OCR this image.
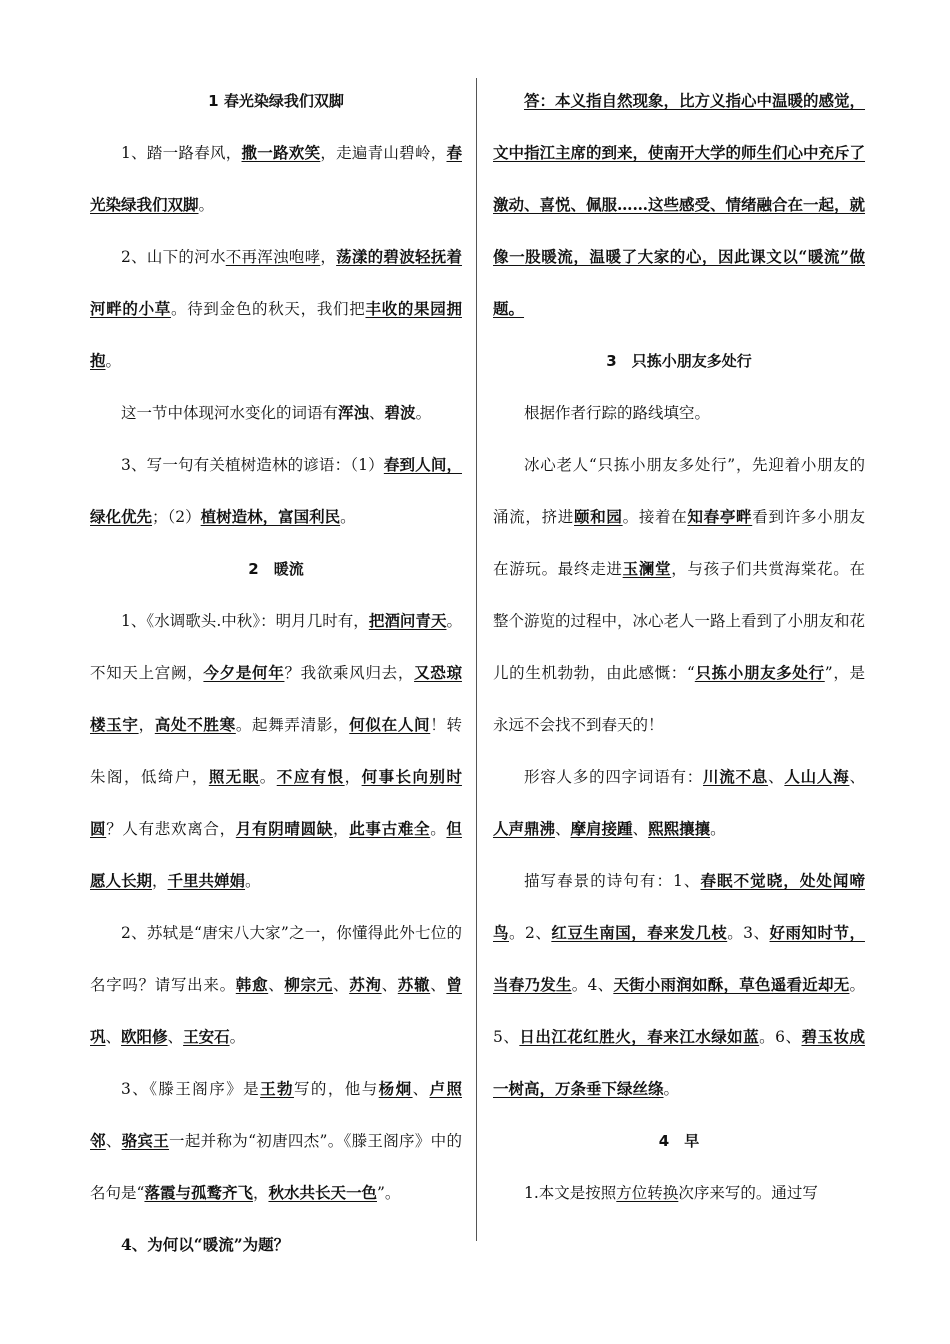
1 春光染绿我们双脚

1、踏一路春风，撒一路欢笑，走遍青山碧岭，春光染绿我们双脚。

2、山下的河水不再浑浊咆哮，荡漾的碧波轻抚着河畔的小草。待到金色的秋天，我们把丰收的果园拥抱。

这一节中体现河水变化的词语有浑浊、碧波。

3、写一句有关植树造林的谚语：（1）春到人间，绿化优先；（2）植树造林，富国利民。

2　暖流

1、《水调歌头.中秋》：明月几时有，把酒问青天。不知天上宫阙，今夕是何年？我欲乘风归去，又恐琼楼玉宇，高处不胜寒。起舞弄清影，何似在人间！转朱阁，低绮户，照无眠。不应有恨，何事长向别时圆？人有悲欢离合，月有阴晴圆缺，此事古难全。但愿人长期，千里共婵娟。

2、苏轼是“唐宋八大家”之一，你懂得此外七位的名字吗？请写出来。韩愈、柳宗元、苏洵、苏辙、曾巩、欧阳修、王安石。

3、《滕王阁序》是王勃写的，他与杨炯、卢照邻、骆宾王一起并称为“初唐四杰”。《滕王阁序》中的名句是“落霞与孤鹜齐飞，秋水共长天一色”。

4、为何以“暖流”为题？

答：本义指自然现象，比方义指心中温暖的感觉，文中指江主席的到来，使南开大学的师生们心中充斥了激动、喜悦、佩服……这些感受、情绪融合在一起，就像一股暖流，温暖了大家的心，因此课文以“暖流”做题。

3　只拣小朋友多处行

根据作者行踪的路线填空。

冰心老人“只拣小朋友多处行”，先迎着小朋友的涌流，挤进颐和园。接着在知春亭畔看到许多小朋友在游玩。最终走进玉澜堂，与孩子们共赏海棠花。在整个游览的过程中，冰心老人一路上看到了小朋友和花儿的生机勃勃，由此感慨：“只拣小朋友多处行”，是永远不会找不到春天的！

形容人多的四字词语有：川流不息、人山人海、人声鼎沸、摩肩接踵、熙熙攘攘。

描写春景的诗句有：1、春眠不觉晓，处处闻啼鸟。2、红豆生南国，春来发几枝。3、好雨知时节，当春乃发生。4、天街小雨润如酥，草色遥看近却无。5、日出江花红胜火，春来江水绿如蓝。6、碧玉妆成一树高，万条垂下绿丝绦。

4　早

1.本文是按照方位转换次序来写的。通过写
